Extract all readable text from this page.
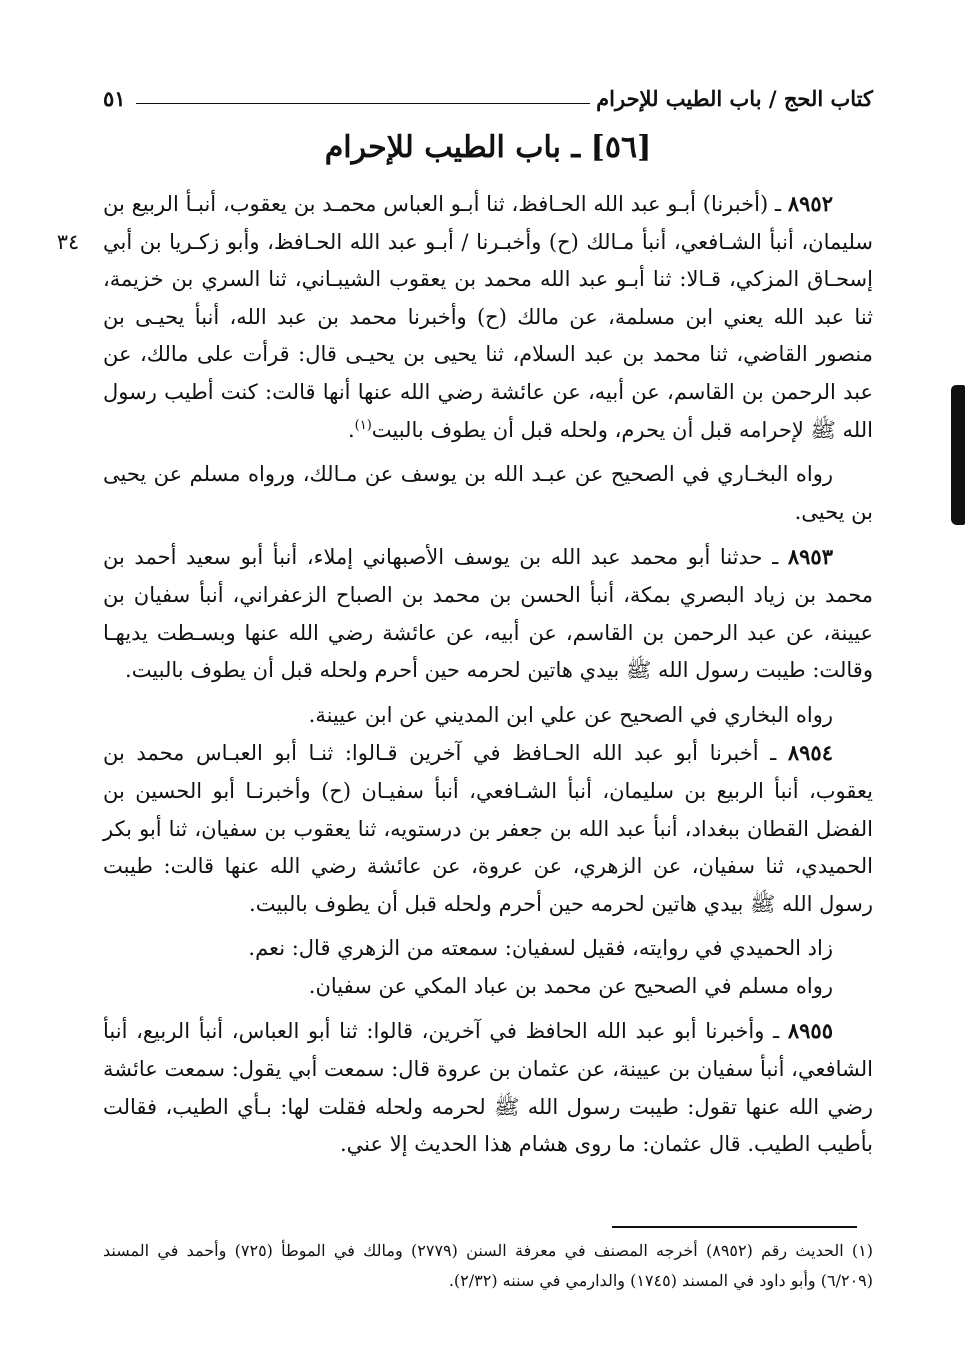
٥١	كتاب الحج / باب الطيب للإحرام
[٥٦] ـ باب الطيب للإحرام
٣٤

٨٩٥٢ ـ (أخبرنا) أبـو عبد الله الحـافظ، ثنا أبـو العباس محمـد بن يعقوب، أنبـأ الربيع بن سليمان، أنبأ الشـافعي، أنبأ مـالك (ح) وأخبـرنا / أبـو عبد الله الحـافظ، وأبو زكـريا بن أبي إسحـاق المزكي، قـالا: ثنا أبـو عبد الله محمد بن يعقوب الشيبـاني، ثنا السري بن خزيمة، ثنا عبد الله يعني ابن مسلمة، عن مالك (ح) وأخبرنا محمد بن عبد الله، أنبأ يحيـى بن منصور القاضي، ثنا محمد بن عبد السلام، ثنا يحيى بن يحيـى قال: قرأت على مالك، عن عبد الرحمن بن القاسم، عن أبيه، عن عائشة رضي الله عنها أنها قالت: كنت أطيب رسول الله ﷺ لإحرامه قبل أن يحرم، ولحله قبل أن يطوف بالبيت$^{(١)}$.

رواه البخـاري في الصحيح عن عبـد الله بن يوسف عن مـالك، ورواه مسلم عن يحيى بن يحيى.

٨٩٥٣ ـ حدثنا أبو محمد عبد الله بن يوسف الأصبهاني إملاء، أنبأ أبو سعيد أحمد بن محمد بن زياد البصري بمكة، أنبأ الحسن بن محمد بن الصباح الزعفراني، أنبأ سفيان بن عيينة، عن عبد الرحمن بن القاسم، عن أبيه، عن عائشة رضي الله عنها وبسـطت يديهـا وقالت: طيبت رسول الله ﷺ بيدي هاتين لحرمه حين أحرم ولحله قبل أن يطوف بالبيت.

رواه البخاري في الصحيح عن علي ابن المديني عن ابن عيينة.

٨٩٥٤ ـ أخبرنا أبو عبد الله الحـافظ في آخرين قـالوا: ثنـا أبو العبـاس محمد بن يعقوب، أنبأ الربيع بن سليمان، أنبأ الشـافعي، أنبأ سفيـان (ح) وأخبرنـا أبو الحسين بن الفضل القطان ببغداد، أنبأ عبد الله بن جعفر بن درستويه، ثنا يعقوب بن سفيان، ثنا أبو بكر الحميدي، ثنا سفيان، عن الزهري، عن عروة، عن عائشة رضي الله عنها قالت: طيبت رسول الله ﷺ بيدي هاتين لحرمه حين أحرم ولحله قبل أن يطوف بالبيت.

زاد الحميدي في روايته، فقيل لسفيان: سمعته من الزهري قال: نعم.

رواه مسلم في الصحيح عن محمد بن عباد المكي عن سفيان.

٨٩٥٥ ـ وأخبرنا أبو عبد الله الحافظ في آخرين، قالوا: ثنا أبو العباس، أنبأ الربيع، أنبأ الشافعي، أنبأ سفيان بن عيينة، عن عثمان بن عروة قال: سمعت أبي يقول: سمعت عائشة رضي الله عنها تقول: طيبت رسول الله ﷺ لحرمه ولحله فقلت لها: بـأي الطيب، فقالت بأطيب الطيب. قال عثمان: ما روى هشام هذا الحديث إلا عني.

(١) الحديث رقم (٨٩٥٢) أخرجه المصنف في معرفة السنن (٢٧٧٩) ومالك في الموطأ (٧٢٥) وأحمد في المسند (٦/٢٠٩) وأبو داود في المسند (١٧٤٥) والدارمي في سننه (٢/٣٢).
